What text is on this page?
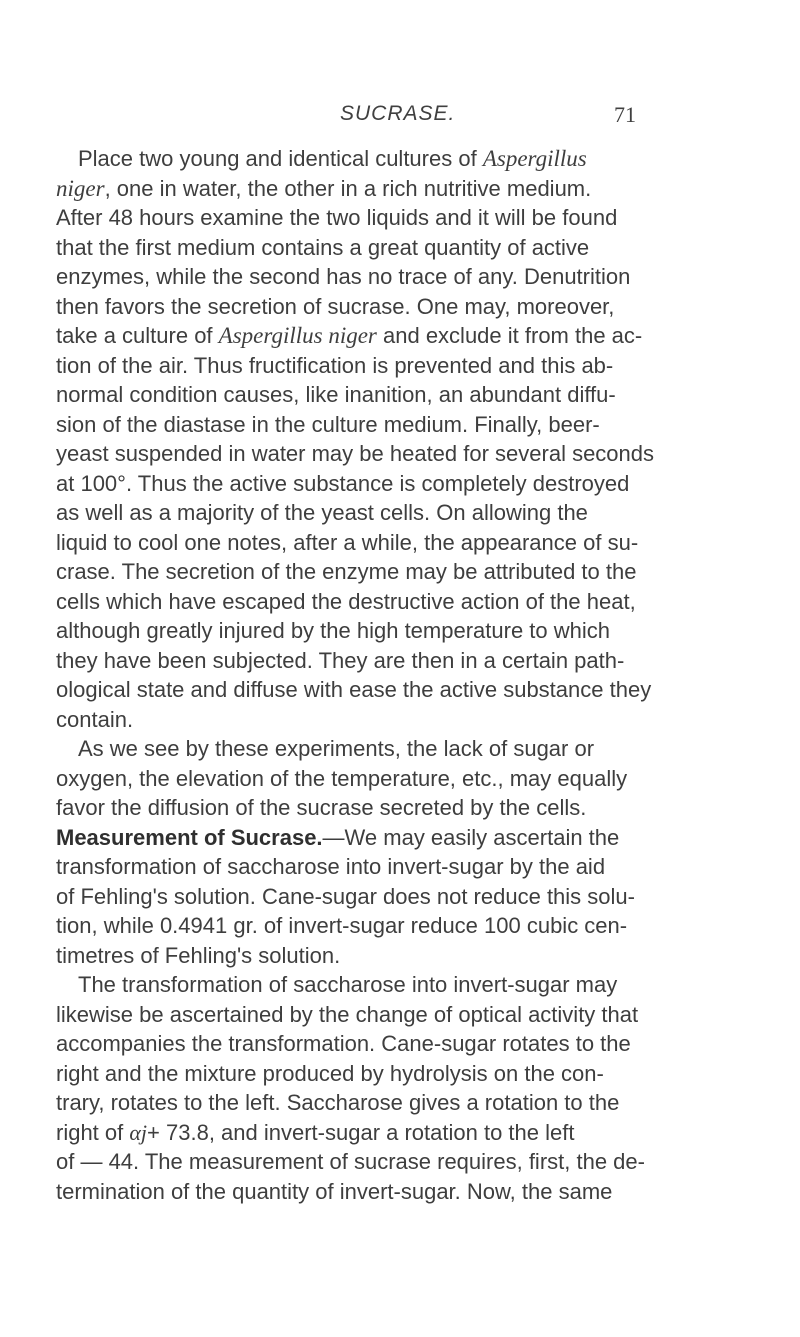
SUCRASE.	71
Place two young and identical cultures of Aspergillus
niger, one in water, the other in a rich nutritive medium.
After 48 hours examine the two liquids and it will be found
that the first medium contains a great quantity of active
enzymes, while the second has no trace of any. Denutrition
then favors the secretion of sucrase. One may, moreover,
take a culture of Aspergillus niger and exclude it from the ac-
tion of the air. Thus fructification is prevented and this ab-
normal condition causes, like inanition, an abundant diffu-
sion of the diastase in the culture medium. Finally, beer-
yeast suspended in water may be heated for several seconds
at 100°. Thus the active substance is completely destroyed
as well as a majority of the yeast cells. On allowing the
liquid to cool one notes, after a while, the appearance of su-
crase. The secretion of the enzyme may be attributed to the
cells which have escaped the destructive action of the heat,
although greatly injured by the high temperature to which
they have been subjected. They are then in a certain path-
ological state and diffuse with ease the active substance they
contain.
As we see by these experiments, the lack of sugar or
oxygen, the elevation of the temperature, etc., may equally
favor the diffusion of the sucrase secreted by the cells.
Measurement of Sucrase.—We may easily ascertain the
transformation of saccharose into invert-sugar by the aid
of Fehling's solution. Cane-sugar does not reduce this solu-
tion, while 0.4941 gr. of invert-sugar reduce 100 cubic cen-
timetres of Fehling's solution.
The transformation of saccharose into invert-sugar may
likewise be ascertained by the change of optical activity that
accompanies the transformation. Cane-sugar rotates to the
right and the mixture produced by hydrolysis on the con-
trary, rotates to the left. Saccharose gives a rotation to the
right of αj+ 73.8, and invert-sugar a rotation to the left
of — 44. The measurement of sucrase requires, first, the de-
termination of the quantity of invert-sugar. Now, the same
